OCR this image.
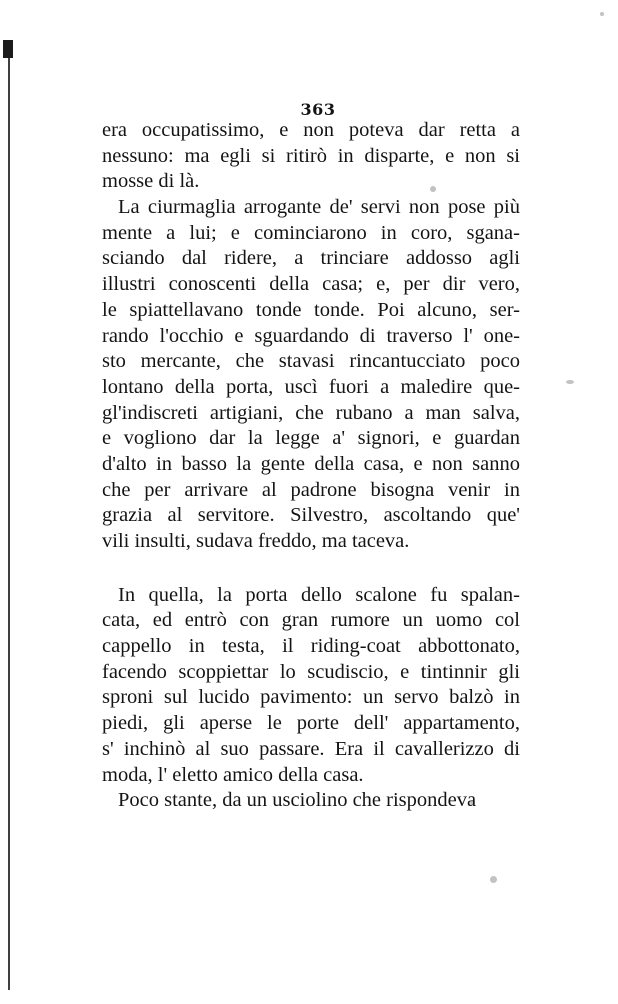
363
era occupatissimo, e non poteva dar retta a
nessuno: ma egli si ritirò in disparte, e non si
mosse di là.
La ciurmaglia arrogante de' servi non pose più
mente a lui; e cominciarono in coro, sgana-
sciando dal ridere, a trinciare addosso agli
illustri conoscenti della casa; e, per dir vero,
le spiattellavano tonde tonde. Poi alcuno, ser-
rando l'occhio e sguardando di traverso l' one-
sto mercante, che stavasi rincantucciato poco
lontano della porta, uscì fuori a maledire que-
gl'indiscreti artigiani, che rubano a man salva,
e vogliono dar la legge a' signori, e guardan
d'alto in basso la gente della casa, e non sanno
che per arrivare al padrone bisogna venir in
grazia al servitore. Silvestro, ascoltando que'
vili insulti, sudava freddo, ma taceva.
In quella, la porta dello scalone fu spalan-
cata, ed entrò con gran rumore un uomo col
cappello in testa, il riding-coat abbottonato,
facendo scoppiettar lo scudiscio, e tintinnir gli
sproni sul lucido pavimento: un servo balzò in
piedi, gli aperse le porte dell' appartamento,
s' inchinò al suo passare. Era il cavallerizzo di
moda, l' eletto amico della casa.
Poco stante, da un usciolino che rispondeva
